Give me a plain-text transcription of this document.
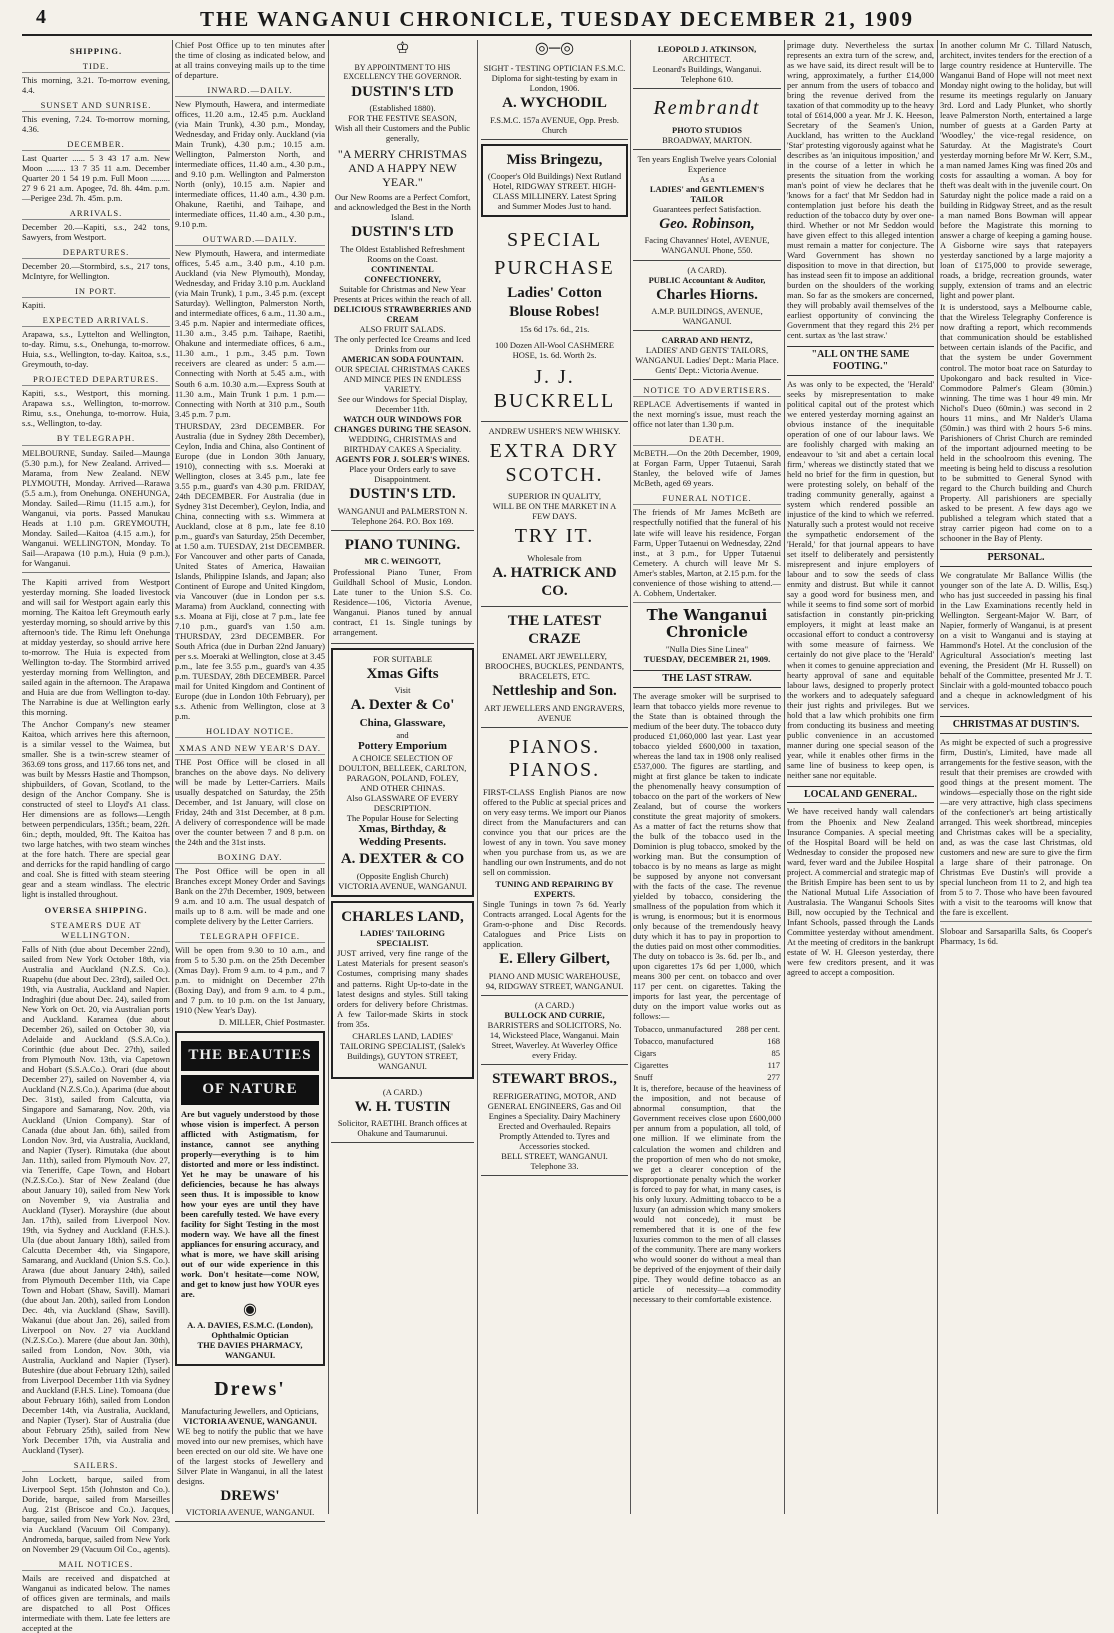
4	THE WANGANUI CHRONICLE, TUESDAY DECEMBER 21, 1909
SHIPPING.
TIDE.

This morning, 3.21. To-morrow evening, 4.4.

SUNSET AND SUNRISE.

This evening, 7.24. To-morrow morning, 4.36.

DECEMBER.

Last Quarter ...... 5 3 43 17 a.m. New Moon ......... 13 7 35 11 a.m. December Quarter 20 1 54 19 p.m. Full Moon ......... 27 9 6 21 a.m. Apogee, 7d. 8h. 44m. p.m.—Perigee 23d. 7h. 45m. p.m.

ARRIVALS.

December 20.—Kapiti, s.s., 242 tons, Sawyers, from Westport.

DEPARTURES.

December 20.—Stormbird, s.s., 217 tons, McIntyre, for Wellington.

IN PORT.

Kapiti.

EXPECTED ARRIVALS.

Arapawa, s.s., Lyttelton and Wellington, to-day. Rimu, s.s., Onehunga, to-morrow. Huia, s.s., Wellington, to-day. Kaitoa, s.s., Greymouth, to-day.

PROJECTED DEPARTURES.

Kapiti, s.s., Westport, this morning. Arapawa s.s., Wellington, to-morrow. Rimu, s.s., Onehunga, to-morrow. Huia, s.s., Wellington, to-day.

BY TELEGRAPH.

MELBOURNE, Sunday. Sailed—Maunga (5.30 p.m.), for New Zealand. Arrived—Marama, from New Zealand. NEW PLYMOUTH, Monday. Arrived—Rarawa (5.5 a.m.), from Onehunga. ONEHUNGA, Monday. Sailed—Rimu (11.15 a.m.), for Wanganui, via ports. Passed Manukau Heads at 1.10 p.m. GREYMOUTH, Monday. Sailed—Kaitoa (4.15 a.m.), for Wanganui. WELLINGTON, Monday. To Sail—Arapawa (10 p.m.), Huia (9 p.m.), for Wanganui.

The Kapiti arrived from Westport yesterday morning. She loaded livestock and will sail for Westport again early this morning. The Kaitoa left Greymouth early yesterday morning, so should arrive by this afternoon's tide. The Rimu left Onehunga at midday yesterday, so should arrive here to-morrow. The Huia is expected from Wellington to-day. The Stormbird arrived yesterday morning from Wellington, and sailed again in the afternoon. The Arapawa and Huia are due from Wellington to-day. The Narrabine is due at Wellington early this morning.

The Anchor Company's new steamer Kaitoa, which arrives here this afternoon, is a similar vessel to the Waimea, but smaller. She is a twin-screw steamer of 363.69 tons gross, and 117.66 tons net, and was built by Messrs Hastie and Thompson, shipbuilders, of Govan, Scotland, to the design of the Anchor Company. She is constructed of steel to Lloyd's A1 class. Her dimensions are as follows—Length between perpendiculars, 135ft.; beam, 22ft. 6in.; depth, moulded, 9ft. The Kaitoa has two large hatches, with two steam winches at the fore hatch. There are special gear and derricks for the rapid handling of cargo and coal. She is fitted with steam steering gear and a steam windlass. The electric light is installed throughout.

OVERSEA SHIPPING.
STEAMERS DUE AT WELLINGTON.

Falls of Nith (due about December 22nd), sailed from New York October 18th, via Australia and Auckland (N.Z.S. Co.). Ruapehu (due about Dec. 23rd), sailed Oct. 19th, via Australia, Auckland and Napier. Indraghiri (due about Dec. 24), sailed from New York on Oct. 20, via Australian ports and Auckland. Karamea (due about December 26), sailed on October 30, via Adelaide and Auckland (S.S.A.Co.). Corinthic (due about Dec. 27th), sailed from Plymouth Nov. 13th, via Capetown and Hobart (S.S.A.Co.). Orari (due about December 27), sailed on November 4, via Auckland (N.Z.S.Co.). Aparima (due about Dec. 31st), sailed from Calcutta, via Singapore and Samarang, Nov. 20th, via Auckland (Union Company). Star of Canada (due about Jan. 6th), sailed from London Nov. 3rd, via Australia, Auckland, and Napier (Tyser). Rimutaka (due about Jan. 11th), sailed from Plymouth Nov. 27, via Teneriffe, Cape Town, and Hobart (N.Z.S.Co.). Star of New Zealand (due about January 10), sailed from New York on November 9, via Australia and Auckland (Tyser). Morayshire (due about Jan. 17th), sailed from Liverpool Nov. 19th, via Sydney and Auckland (F.H.S.). Ula (due about January 18th), sailed from Calcutta December 4th, via Singapore, Samarang, and Auckland (Union S.S. Co.). Arawa (due about January 24th), sailed from Plymouth December 11th, via Cape Town and Hobart (Shaw, Savill). Mamari (due about Jan. 20th), sailed from London Dec. 4th, via Auckland (Shaw, Savill). Wakanui (due about Jan. 26), sailed from Liverpool on Nov. 27 via Auckland (N.Z.S.Co.). Marere (due about Jan. 30th), sailed from London, Nov. 30th, via Australia, Auckland and Napier (Tyser). Buteshire (due about February 12th), sailed from Liverpool December 11th via Sydney and Auckland (F.H.S. Line). Tomoana (due about February 16th), sailed from London December 14th, via Australia, Auckland, and Napier (Tyser). Star of Australia (due about February 25th), sailed from New York December 17th, via Australia and Auckland (Tyser).

SAILERS.

John Lockett, barque, sailed from Liverpool Sept. 15th (Johnston and Co.). Doride, barque, sailed from Marseilles Aug. 21st (Briscoe and Co.). Jacques, barque, sailed from New York Nov. 23rd, via Auckland (Vacuum Oil Company). Andromeda, barque, sailed from New York on November 29 (Vacuum Oil Co., agents).

MAIL NOTICES.

Mails are received and dispatched at Wanganui as indicated below. The names of offices given are terminals, and mails are dispatched to all Post Offices intermediate with them. Late fee letters are accepted at the

Chief Post Office up to ten minutes after the time of closing as indicated below, and at all trains conveying mails up to the time of departure.

INWARD.—DAILY.

New Plymouth, Hawera, and intermediate offices, 11.20 a.m., 12.45 p.m. Auckland (via Main Trunk), 4.30 p.m., Monday, Wednesday, and Friday only. Auckland (via Main Trunk), 4.30 p.m.; 10.15 a.m. Wellington, Palmerston North, and intermediate offices, 11.40 a.m., 4.30 p.m., and 9.10 p.m. Wellington and Palmerston North (only), 10.15 a.m. Napier and intermediate offices, 11.40 a.m., 4.30 p.m. Ohakune, Raetihi, and Taihape, and intermediate offices, 11.40 a.m., 4.30 p.m., 9.10 p.m.

OUTWARD.—DAILY.

New Plymouth, Hawera, and intermediate offices, 5.45 a.m., 3.40 p.m., 4.10 p.m. Auckland (via New Plymouth), Monday, Wednesday, and Friday 3.10 p.m. Auckland (via Main Trunk), 1 p.m., 3.45 p.m. (except Saturday). Wellington, Palmerston North, and intermediate offices, 6 a.m., 11.30 a.m., 3.45 p.m. Napier and intermediate offices, 11.30 a.m., 3.45 p.m. Taihape, Raetihi, Ohakune and intermediate offices, 6 a.m., 11.30 a.m., 1 p.m., 3.45 p.m. Town receivers are cleared as under: 5 a.m.—Connecting with North at 5.45 a.m., with South 6 a.m. 10.30 a.m.—Express South at 11.30 a.m., Main Trunk 1 p.m. 1 p.m.—Connecting with North at 310 p.m., South 3.45 p.m. 7 p.m.

THURSDAY, 23rd DECEMBER. For Australia (due in Sydney 28th December), Ceylon, India and China, also Continent of Europe (due in London 30th January, 1910), connecting with s.s. Moeraki at Wellington, closes at 3.45 p.m., late fee 3.55 p.m., guard's van 4.30 p.m. FRIDAY, 24th DECEMBER. For Australia (due in Sydney 31st December), Ceylon, India, and China, connecting with s.s. Wimmera at Auckland, close at 8 p.m., late fee 8.10 p.m., guard's van Saturday, 25th December, at 1.50 a.m. TUESDAY, 21st DECEMBER. For Vancouver and other parts of Canada, United States of America, Hawaiian Islands, Philippine Islands, and Japan; also Continent of Europe and United Kingdom, via Vancouver (due in London per s.s. Marama) from Auckland, connecting with s.s. Moana at Fiji, close at 7 p.m., late fee 7.10 p.m., guard's van 1.50 a.m. THURSDAY, 23rd DECEMBER. For South Africa (due in Durban 22nd January) per s.s. Moeraki at Wellington, close at 3.45 p.m., late fee 3.55 p.m., guard's van 4.35 p.m. TUESDAY, 28th DECEMBER. Parcel mail for United Kingdom and Continent of Europe (due in London 10th February), per s.s. Athenic from Wellington, close at 3 p.m.

HOLIDAY NOTICE.
XMAS AND NEW YEAR'S DAY.

THE Post Office will be closed in all branches on the above days. No delivery will be made by Letter-Carriers. Mails usually despatched on Saturday, the 25th December, and 1st January, will close on Friday, 24th and 31st December, at 8 p.m. A delivery of correspondence will be made over the counter between 7 and 8 p.m. on the 24th and the 31st insts.

BOXING DAY.

The Post Office will be open in all Branches except Money Order and Savings Bank on the 27th December, 1909, between 9 a.m. and 10 a.m. The usual despatch of mails up to 8 a.m. will be made and one complete delivery by the Letter Carriers.

TELEGRAPH OFFICE.

Will be open from 9.30 to 10 a.m., and from 5 to 5.30 p.m. on the 25th December (Xmas Day). From 9 a.m. to 4 p.m., and 7 p.m. to midnight on December 27th (Boxing Day), and from 9 a.m. to 4 p.m., and 7 p.m. to 10 p.m. on the 1st January, 1910 (New Year's Day).

D. MILLER, Chief Postmaster.

THE BEAUTIES
OF NATURE

Are but vaguely understood by those whose vision is imperfect. A person afflicted with Astigmatism, for instance, cannot see anything properly—everything is to him distorted and more or less indistinct. Yet he may be unaware of his deficiencies, because he has always seen thus. It is impossible to know how your eyes are until they have been carefully tested. We have every facility for Sight Testing in the most modern way. We have all the finest appliances for ensuring accuracy, and what is more, we have skill arising out of our wide experience in this work. Don't hesitate—come NOW, and get to know just how YOUR eyes are.

◉
A. A. DAVIES, F.S.M.C. (London), Ophthalmic Optician
THE DAVIES PHARMACY, WANGANUI.
Drews'
Manufacturing Jewellers, and Opticians,
VICTORIA AVENUE, WANGANUI.

WE beg to notify the public that we have moved into our new premises, which have been erected on our old site. We have one of the largest stocks of Jewellery and Silver Plate in Wanganui, in all the latest designs.

DREWS'
VICTORIA AVENUE, WANGANUI.
♔
BY APPOINTMENT TO HIS EXCELLENCY THE GOVERNOR.
DUSTIN'S LTD
(Established 1880).
FOR THE FESTIVE SEASON,
Wish all their Customers and the Public generally,
"A MERRY CHRISTMAS AND A HAPPY NEW YEAR."
Our New Rooms are a Perfect Comfort, and acknowledged the Best in the North Island.
DUSTIN'S LTD
The Oldest Established Refreshment Rooms on the Coast.
CONTINENTAL CONFECTIONERY,
Suitable for Christmas and New Year Presents at Prices within the reach of all.
DELICIOUS STRAWBERRIES AND CREAM
ALSO FRUIT SALADS.
The only perfected Ice Creams and Iced Drinks from our
AMERICAN SODA FOUNTAIN.
OUR SPECIAL CHRISTMAS CAKES AND MINCE PIES IN ENDLESS VARIETY.
See our Windows for Special Display, December 11th.
WATCH OUR WINDOWS FOR CHANGES DURING THE SEASON.
WEDDING, CHRISTMAS and BIRTHDAY CAKES A Speciality.
AGENTS FOR J. SOLER'S WINES.
Place your Orders early to save Disappointment.
DUSTIN'S LTD.
WANGANUI and PALMERSTON N.
Telephone 264. P.O. Box 169.
PIANO TUNING.
MR C. WEINGOTT,

Professional Piano Tuner, From Guildhall School of Music, London. Late tuner to the Union S.S. Co. Residence—106, Victoria Avenue, Wanganui. Pianos tuned by annual contract, £1 1s. Single tunings by arrangement.

FOR SUITABLE
Xmas Gifts
Visit
A. Dexter & Co'
China, Glassware,
and
Pottery Emporium
A CHOICE SELECTION OF
DOULTON, BELLEEK, CARLTON, PARAGON, POLAND, FOLEY, AND OTHER CHINAS.
Also GLASSWARE OF EVERY DESCRIPTION.
The Popular House for Selecting
Xmas, Birthday, & Wedding Presents.
A. DEXTER & CO
(Opposite English Church)
VICTORIA AVENUE, WANGANUI.
CHARLES LAND,
LADIES' TAILORING SPECIALIST.

JUST arrived, very fine range of the Latest Materials for present season's Costumes, comprising many shades and patterns. Right Up-to-date in the latest designs and styles. Still taking orders for delivery before Christmas. A few Tailor-made Skirts in stock from 35s.

CHARLES LAND, LADIES' TAILORING SPECIALIST, (Salek's Buildings), GUYTON STREET, WANGANUI.

(A CARD.)
W. H. TUSTIN
Solicitor, RAETIHI. Branch offices at Ohakune and Taumarunui.
◎─◎
SIGHT - TESTING OPTICIAN F.S.M.C. Diploma for sight-testing by exam in London, 1906.
A. WYCHODIL
F.S.M.C. 157a AVENUE, Opp. Presb. Church
Miss Bringezu,
(Cooper's Old Buildings) Next Rutland Hotel, RIDGWAY STREET. HIGH-CLASS MILLINERY. Latest Spring and Summer Modes Just to hand.
SPECIAL
PURCHASE
Ladies' Cotton
Blouse Robes!
15s 6d 17s. 6d., 21s.
100 Dozen All-Wool CASHMERE HOSE, 1s. 6d. Worth 2s.
J. J. BUCKRELL
ANDREW USHER'S NEW WHISKY.
EXTRA DRY SCOTCH.
SUPERIOR IN QUALITY,
WILL BE ON THE MARKET IN A FEW DAYS.
TRY IT.
Wholesale from
A. HATRICK AND CO.
THE LATEST CRAZE
ENAMEL ART JEWELLERY, BROOCHES, BUCKLES, PENDANTS, BRACELETS, ETC.
Nettleship and Son.
ART JEWELLERS AND ENGRAVERS, AVENUE
PIANOS. PIANOS.

FIRST-CLASS English Pianos are now offered to the Public at special prices and on very easy terms. We import our Pianos direct from the Manufacturers and can convince you that our prices are the lowest of any in town. You save money when you purchase from us, as we are handling our own Instruments, and do not sell on commission.

TUNING AND REPAIRING BY EXPERTS.

Single Tunings in town 7s 6d. Yearly Contracts arranged. Local Agents for the Gram-o-phone and Disc Records. Catalogues and Price Lists on application.

E. Ellery Gilbert,
PIANO AND MUSIC WAREHOUSE, 94, RIDGWAY STREET, WANGANUI.
(A CARD.)
BULLOCK AND CURRIE,
BARRISTERS and SOLICITORS, No. 14, Wicksteed Place, Wanganui. Main Street, Waverley. At Waverley Office every Friday.
STEWART BROS.,
REFRIGERATING, MOTOR, AND GENERAL ENGINEERS, Gas and Oil Engines a Speciality. Dairy Machinery Erected and Overhauled. Repairs Promptly Attended to. Tyres and Accessories stocked.
BELL STREET, WANGANUI. Telephone 33.
LEOPOLD J. ATKINSON,
ARCHITECT.
Leonard's Buildings, Wanganui. Telephone 610.
Rembrandt
PHOTO STUDIOS
BROADWAY, MARTON.
Ten years English Twelve years Colonial Experience
As a
LADIES' and GENTLEMEN'S TAILOR
Guarantees perfect Satisfaction.
Geo. Robinson,
Facing Chavannes' Hotel, AVENUE, WANGANUI. Phone, 550.
(A CARD).
PUBLIC Accountant & Auditor,
Charles Hiorns.
A.M.P. BUILDINGS, AVENUE, WANGANUI.
CARRAD AND HENTZ,
LADIES' AND GENTS' TAILORS, WANGANUI. Ladies' Dept.: Maria Place. Gents' Dept.: Victoria Avenue.
NOTICE TO ADVERTISERS.

REPLACE Advertisements if wanted in the next morning's issue, must reach the office not later than 1.30 p.m.

DEATH.

McBETH.—On the 20th December, 1909, at Forgan Farm, Upper Tutaenui, Sarah Stanley, the beloved wife of James McBeth, aged 69 years.

FUNERAL NOTICE.

The friends of Mr James McBeth are respectfully notified that the funeral of his late wife will leave his residence, Forgan Farm, Upper Tutaenui on Wednesday, 22nd inst., at 3 p.m., for Upper Tutaenui Cemetery. A church will leave Mr S. Amer's stables, Marton, at 2.15 p.m. for the convenience of those wishing to attend.—A. Cobhem, Undertaker.

The Wanganui Chronicle
"Nulla Dies Sine Linea"
TUESDAY, DECEMBER 21, 1909.
THE LAST STRAW.

The average smoker will be surprised to learn that tobacco yields more revenue to the State than is obtained through the medium of the beer duty. The tobacco duty produced £1,060,000 last year. Last year tobacco yielded £600,000 in taxation, whereas the land tax in 1908 only realised £537,000. The figures are startling, and might at first glance be taken to indicate the phenomenally heavy consumption of tobacco on the part of the workers of New Zealand, but of course the workers constitute the great majority of smokers. As a matter of fact the returns show that the bulk of the tobacco used in the Dominion is plug tobacco, smoked by the working man. But the consumption of tobacco is by no means as large as might be supposed by anyone not conversant with the facts of the case. The revenue yielded by tobacco, considering the smallness of the population from which it is wrung, is enormous; but it is enormous only because of the tremendously heavy duty which it has to pay in proportion to the duties paid on most other commodities. The duty on tobacco is 3s. 6d. per lb., and upon cigarettes 17s 6d per 1,000, which means 300 per cent. on tobacco and over 117 per cent. on cigarettes. Taking the imports for last year, the percentage of duty on the import value works out as follows:—

Tobacco, unmanufactured	288 per cent.
Tobacco, manufactured	168
Cigars	85
Cigarettes	117
Snuff	277

It is, therefore, because of the heaviness of the imposition, and not because of abnormal consumption, that the Government receives close upon £600,000 per annum from a population, all told, of one million. If we eliminate from the calculation the women and children and the proportion of men who do not smoke, we get a clearer conception of the disproportionate penalty which the worker is forced to pay for what, in many cases, is his only luxury. Admitting tobacco to be a luxury (an admission which many smokers would not concede), it must be remembered that it is one of the few luxuries common to the men of all classes of the community. There are many workers who would sooner do without a meal than be deprived of the enjoyment of their daily pipe. They would define tobacco as an article of necessity—a commodity necessary to their comfortable existence.

primage duty. Nevertheless the surtax represents an extra turn of the screw, and, as we have said, its direct result will be to wring, approximately, a further £14,000 per annum from the users of tobacco and bring the revenue derived from the taxation of that commodity up to the heavy total of £614,000 a year. Mr J. K. Heeson, Secretary of the Seamen's Union, Auckland, has written to the Auckland 'Star' protesting vigorously against what he describes as 'an iniquitous imposition,' and in the course of a letter in which he presents the situation from the working man's point of view he declares that he 'knows for a fact' that Mr Seddon had in contemplation just before his death the reduction of the tobacco duty by over one-third. Whether or not Mr Seddon would have given effect to this alleged intention must remain a matter for conjecture. The Ward Government has shown no disposition to move in that direction, but has instead seen fit to impose an additional burden on the shoulders of the working man. So far as the smokers are concerned, they will probably avail themselves of the earliest opportunity of convincing the Government that they regard this 2½ per cent. surtax as 'the last straw.'

"ALL ON THE SAME FOOTING."

As was only to be expected, the 'Herald' seeks by misrepresentation to make political capital out of the protest which we entered yesterday morning against an obvious instance of the inequitable operation of one of our labour laws. We are foolishly charged with making an endeavour to 'sit and abet a certain local firm,' whereas we distinctly stated that we held no brief for the firm in question, but were protesting solely, on behalf of the trading community generally, against a system which rendered possible an injustice of the kind to which we referred. Naturally such a protest would not receive the sympathetic endorsement of the 'Herald,' for that journal appears to have set itself to deliberately and persistently misrepresent and injure employers of labour and to sow the seeds of class enmity and distrust. But while it cannot say a good word for business men, and while it seems to find some sort of morbid satisfaction in constantly pin-pricking employers, it might at least make an occasional effort to conduct a controversy with some measure of fairness. We certainly do not give place to the 'Herald' when it comes to genuine appreciation and hearty approval of sane and equitable labour laws, designed to properly protect the workers and to adequately safeguard their just rights and privileges. But we hold that a law which prohibits one firm from conducting its business and meeting public convenience in an accustomed manner during one special season of the year, while it enables other firms in the same line of business to keep open, is neither sane nor equitable.

LOCAL AND GENERAL.

We have received handy wall calendars from the Phoenix and New Zealand Insurance Companies. A special meeting of the Hospital Board will be held on Wednesday to consider the proposed new ward, fever ward and the Jubilee Hospital project. A commercial and strategic map of the British Empire has been sent to us by the National Mutual Life Association of Australasia. The Wanganui Schools Sites Bill, now occupied by the Technical and Infant Schools, passed through the Lands Committee yesterday without amendment. At the meeting of creditors in the bankrupt estate of W. H. Gleeson yesterday, there were few creditors present, and it was agreed to accept a composition.

In another column Mr C. Tillard Natusch, architect, invites tenders for the erection of a large country residence at Hunterville. The Wanganui Band of Hope will not meet next Monday night owing to the holiday, but will resume its meetings regularly on January 3rd. Lord and Lady Plunket, who shortly leave Palmerston North, entertained a large number of guests at a Garden Party at 'Woodley,' the vice-regal residence, on Saturday. At the Magistrate's Court yesterday morning before Mr W. Kerr, S.M., a man named James King was fined 20s and costs for assaulting a woman. A boy for theft was dealt with in the juvenile court. On Saturday night the police made a raid on a building in Ridgway Street, and as the result a man named Bons Bowman will appear before the Magistrate this morning to answer a charge of keeping a gaming house. A Gisborne wire says that ratepayers yesterday sanctioned by a large majority a loan of £175,000 to provide sewerage, roads, a bridge, recreation grounds, water supply, extension of trams and an electric light and power plant.

It is understood, says a Melbourne cable, that the Wireless Telegraphy Conference is now drafting a report, which recommends that communication should be established between certain islands of the Pacific, and that the system be under Government control. The motor boat race on Saturday to Upokongaro and back resulted in Vice-Commodore Palmer's Gleam (30min.) winning. The time was 1 hour 49 min. Mr Nichol's Dueo (60min.) was second in 2 hours 11 mins., and Mr Nalder's Ulama (50min.) was third with 2 hours 5-6 mins. Parishioners of Christ Church are reminded of the important adjourned meeting to be held in the schoolroom this evening. The meeting is being held to discuss a resolution to be submitted to General Synod with regard to the Church building and Church Property. All parishioners are specially asked to be present. A few days ago we published a telegram which stated that a stray carrier pigeon had come on to a schooner in the Bay of Plenty.

PERSONAL.

We congratulate Mr Ballance Willis (the younger son of the late A. D. Willis, Esq.) who has just succeeded in passing his final in the Law Examinations recently held in Wellington. Sergeant-Major W. Barr, of Napier, formerly of Wanganui, is at present on a visit to Wanganui and is staying at Hammond's Hotel. At the conclusion of the Agricultural Association's meeting last evening, the President (Mr H. Russell) on behalf of the Committee, presented Mr J. T. Sinclair with a gold-mounted tobacco pouch and a cheque in acknowledgment of his services.

CHRISTMAS AT DUSTIN'S.

As might be expected of such a progressive firm, Dustin's, Limited, have made all arrangements for the festive season, with the result that their premises are crowded with good things at the present moment. The windows—especially those on the right side—are very attractive, high class specimens of the confectioner's art being artistically arranged. This week shortbread, mincepies and Christmas cakes will be a speciality, and, as was the case last Christmas, old customers and new are sure to give the firm a large share of their patronage. On Christmas Eve Dustin's will provide a special luncheon from 11 to 2, and high tea from 5 to 7. Those who have been favoured with a visit to the tearooms will know that the fare is excellent.

Sloboar and Sarsaparilla Salts, 6s Cooper's Pharmacy, 1s 6d.
